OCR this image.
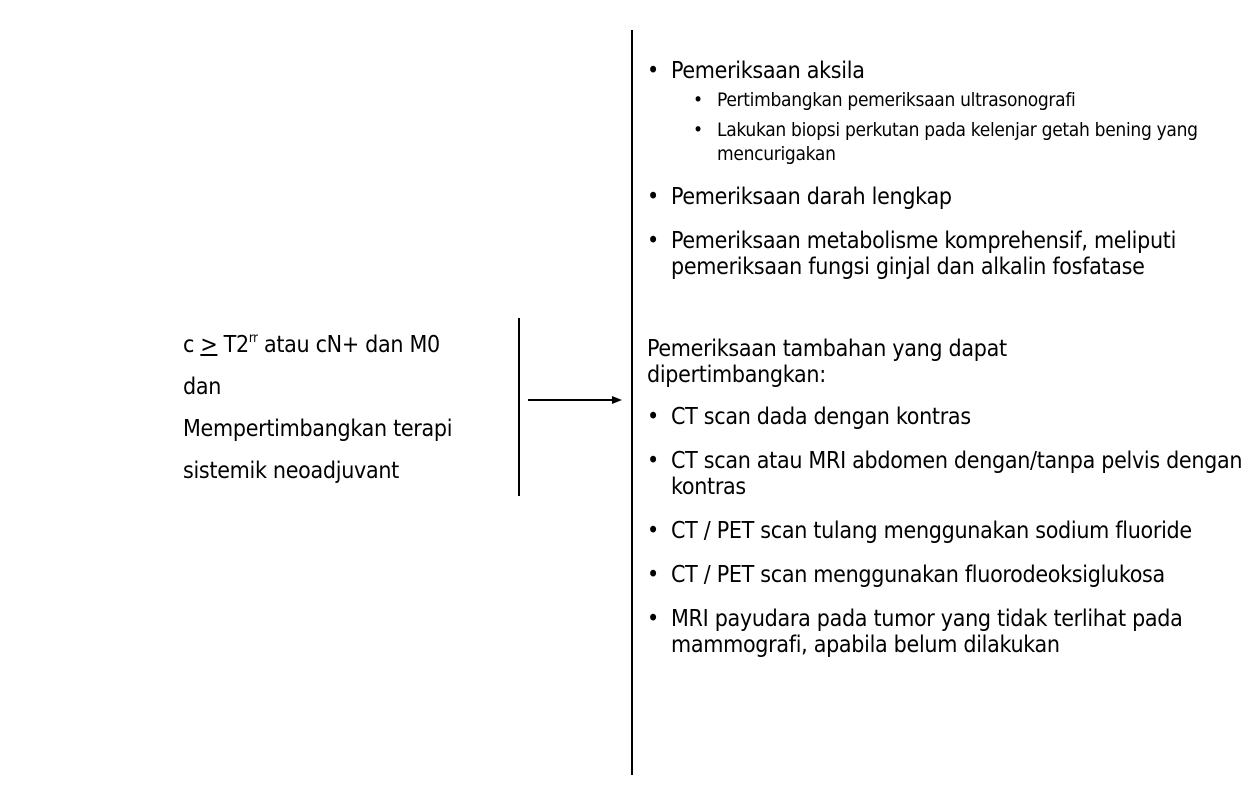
$c > T2^{rr}$ atau cN+ dan M0
dan
Mempertimbangkan terapi
sistemik neoadjuvant
• Pemeriksaan aksila
• Pertimbangkan pemeriksaan ultrasonografi
• Lakukan biopsi perkutan pada kelenjar getah bening yang mencurigakan
• Pemeriksaan darah lengkap
• Pemeriksaan metabolisme komprehensif, meliputi pemeriksaan fungsi ginjal dan alkalin fosfatase
Pemeriksaan tambahan yang dapat dipertimbangkan:
• CT scan dada dengan kontras
• CT scan atau MRI abdomen dengan/tanpa pelvis dengan kontras
• CT / PET scan tulang menggunakan sodium fluoride
• CT / PET scan menggunakan fluorodeoksiglukosa
• MRI payudara pada tumor yang tidak terlihat pada mammografi, apabila belum dilakukan
